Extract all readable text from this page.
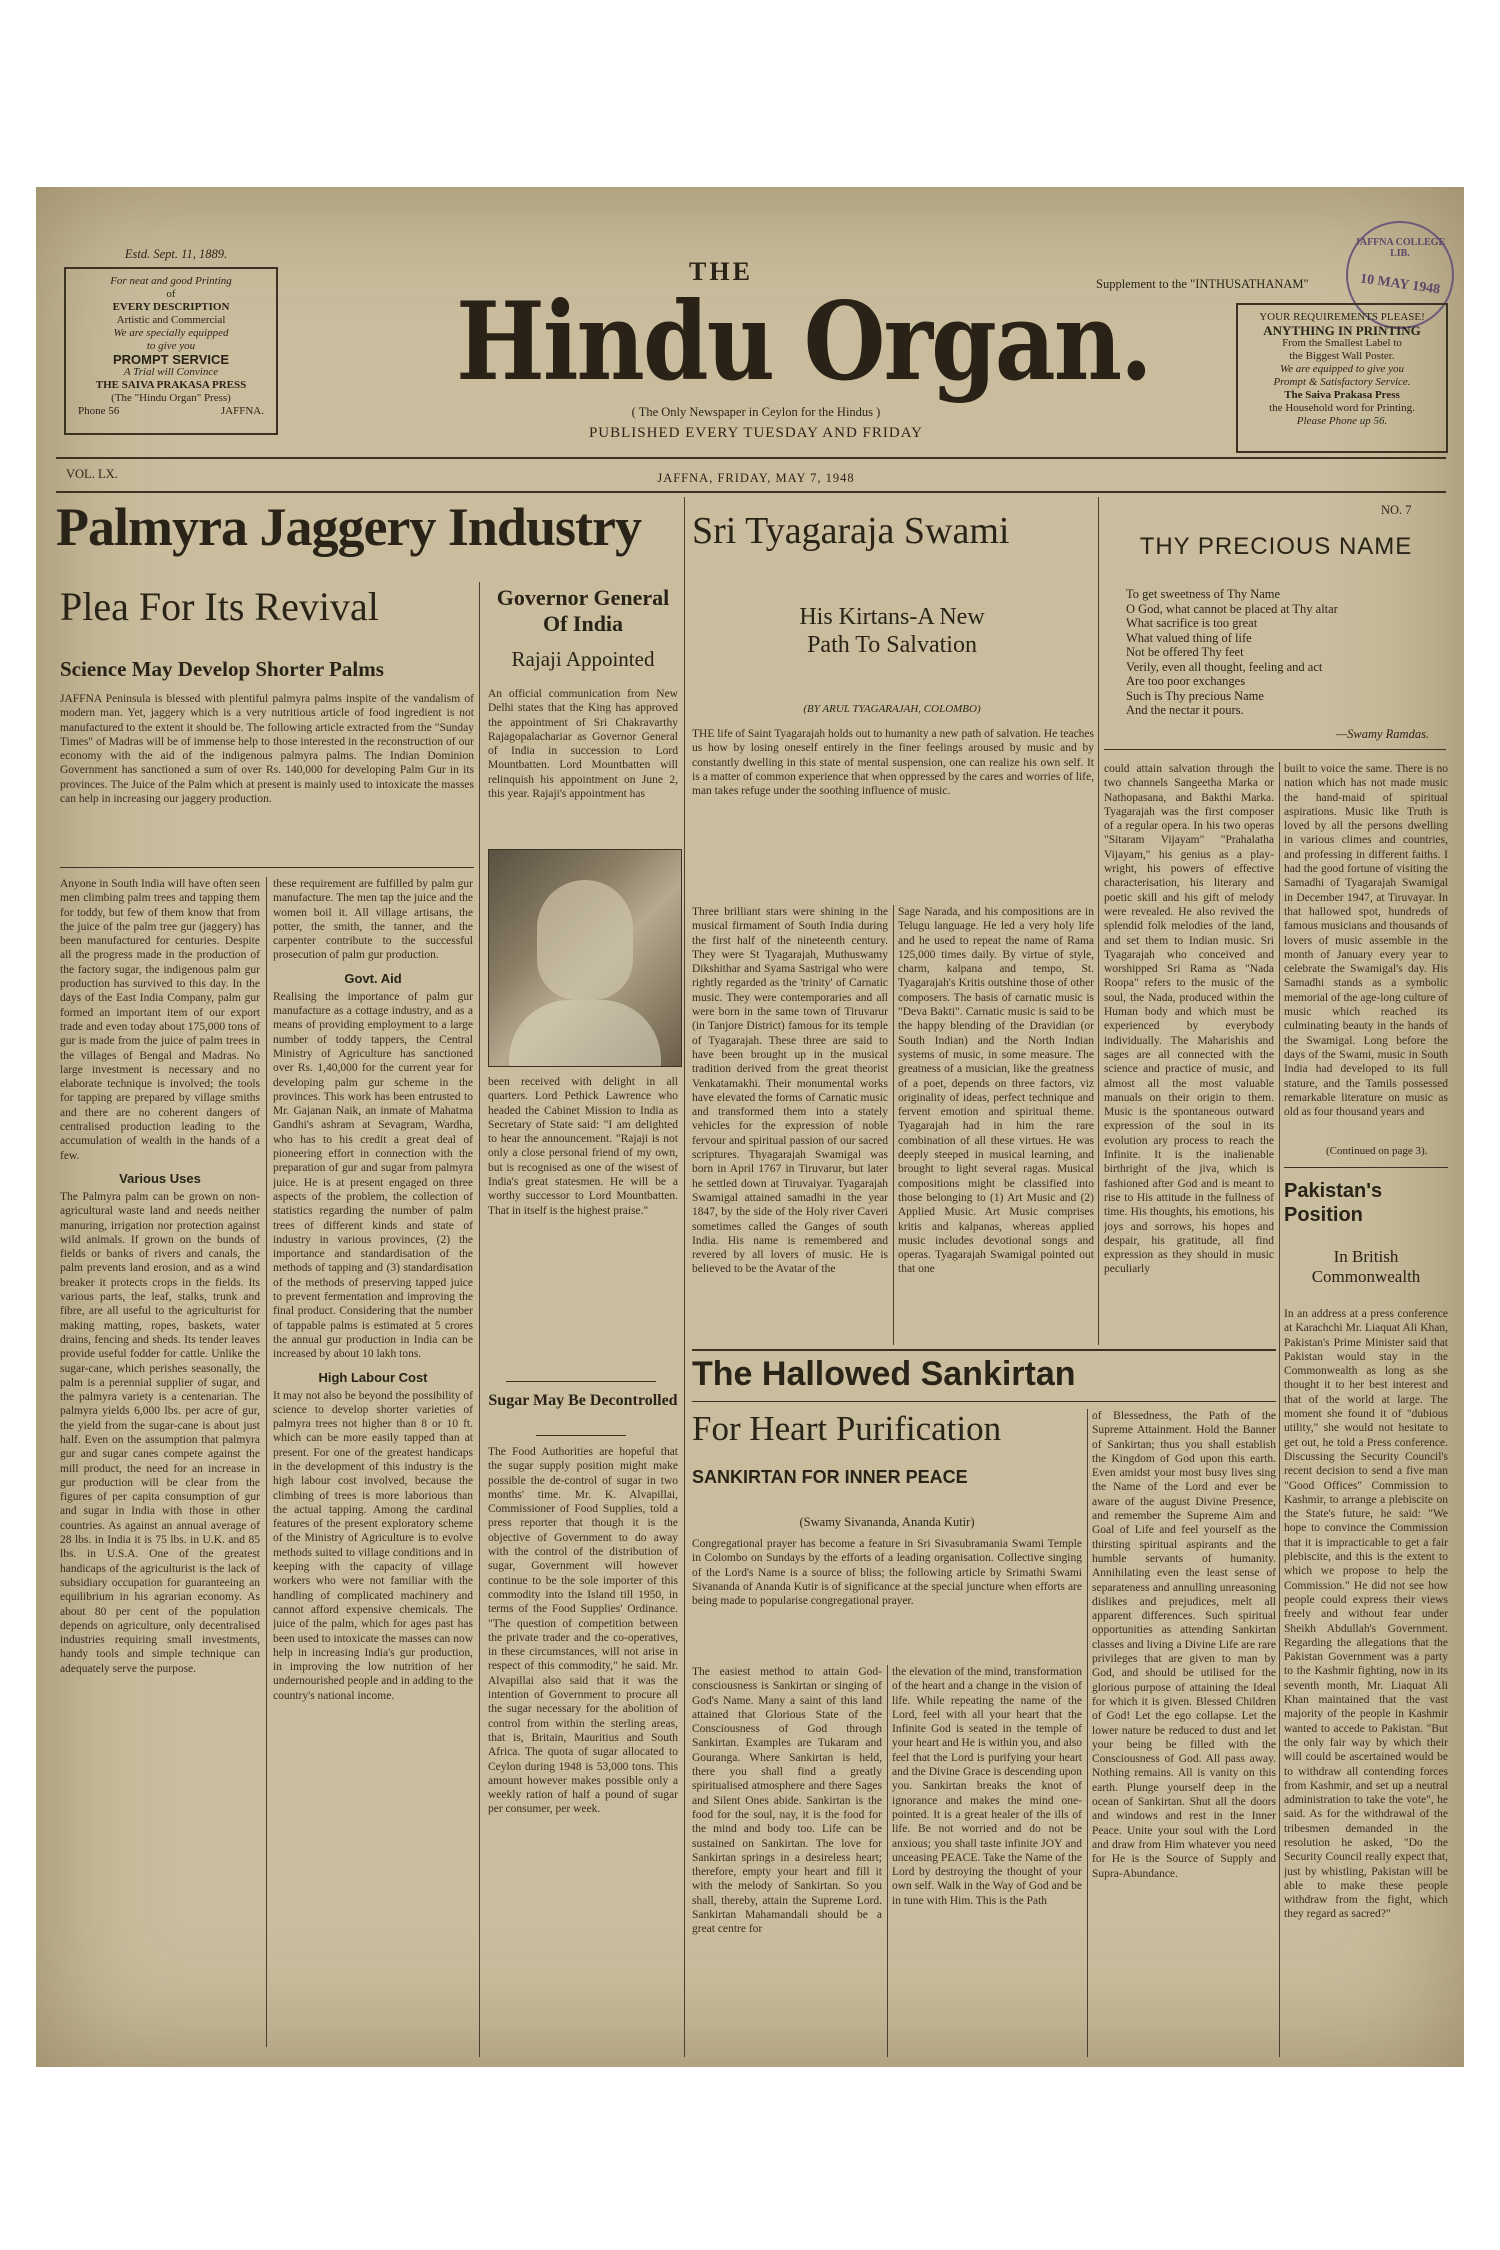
Estd. Sept. 11, 1889.
For neat and good Printing
of
EVERY DESCRIPTION
Artistic and Commercial
We are specially equipped
to give you
PROMPT SERVICE
A Trial will Convince
THE SAIVA PRAKASA PRESS
(The "Hindu Organ" Press)
Phone 56	JAFFNA.
THE
Hindu Organ.
( The Only Newspaper in Ceylon for the Hindus )
PUBLISHED EVERY TUESDAY AND FRIDAY
Supplement to the "INTHUSATHANAM"
JAFFNA COLLEGE LIB.
10 MAY 1948
YOUR REQUIREMENTS PLEASE!
ANYTHING IN PRINTING
From the Smallest Label to
the Biggest Wall Poster.
We are equipped to give you
Prompt & Satisfactory Service.
The Saiva Prakasa Press
the Household word for Printing.
Please Phone up 56.
VOL. LX.	JAFFNA, FRIDAY, MAY 7, 1948
NO. 7
Palmyra Jaggery Industry
Plea For Its Revival
Science May Develop Shorter Palms

JAFFNA Peninsula is blessed with plentiful palmyra palms inspite of the vandalism of modern man. Yet, jaggery which is a very nutritious article of food ingredient is not manufactured to the extent it should be. The following article extracted from the "Sunday Times" of Madras will be of immense help to those interested in the reconstruction of our economy with the aid of the indigenous palmyra palms. The Indian Dominion Government has sanctioned a sum of over Rs. 140,000 for developing Palm Gur in its provinces. The Juice of the Palm which at present is mainly used to intoxicate the masses can help in increasing our jaggery production.

Anyone in South India will have often seen men climbing palm trees and tapping them for toddy, but few of them know that from the juice of the palm tree gur (jaggery) has been manufactured for centuries. Despite all the progress made in the production of the factory sugar, the indigenous palm gur production has survived to this day. In the days of the East India Company, palm gur formed an important item of our export trade and even today about 175,000 tons of gur is made from the juice of palm trees in the villages of Bengal and Madras. No large investment is necessary and no elaborate technique is involved; the tools for tapping are prepared by village smiths and there are no coherent dangers of centralised production leading to the accumulation of wealth in the hands of a few.

Various Uses

The Palmyra palm can be grown on non-agricultural waste land and needs neither manuring, irrigation nor protection against wild animals. If grown on the bunds of fields or banks of rivers and canals, the palm prevents land erosion, and as a wind breaker it protects crops in the fields. Its various parts, the leaf, stalks, trunk and fibre, are all useful to the agriculturist for making matting, ropes, baskets, water drains, fencing and sheds. Its tender leaves provide useful fodder for cattle. Unlike the sugar-cane, which perishes seasonally, the palm is a perennial supplier of sugar, and the palmyra variety is a centenarian. The palmyra yields 6,000 lbs. per acre of gur, the yield from the sugar-cane is about just half. Even on the assumption that palmyra gur and sugar canes compete against the mill product, the need for an increase in gur production will be clear from the figures of per capita consumption of gur and sugar in India with those in other countries. As against an annual average of 28 lbs. in India it is 75 lbs. in U.K. and 85 lbs. in U.S.A. One of the greatest handicaps of the agriculturist is the lack of subsidiary occupation for guaranteeing an equilibrium in his agrarian economy. As about 80 per cent of the population depends on agriculture, only decentralised industries requiring small investments, handy tools and simple technique can adequately serve the purpose.

these requirement are fulfilled by palm gur manufacture. The men tap the juice and the women boil it. All village artisans, the potter, the smith, the tanner, and the carpenter contribute to the successful prosecution of palm gur production.

Govt. Aid

Realising the importance of palm gur manufacture as a cottage industry, and as a means of providing employment to a large number of toddy tappers, the Central Ministry of Agriculture has sanctioned over Rs. 1,40,000 for the current year for developing palm gur scheme in the provinces. This work has been entrusted to Mr. Gajanan Naik, an inmate of Mahatma Gandhi's ashram at Sevagram, Wardha, who has to his credit a great deal of pioneering effort in connection with the preparation of gur and sugar from palmyra juice. He is at present engaged on three aspects of the problem, the collection of statistics regarding the number of palm trees of different kinds and state of industry in various provinces, (2) the importance and standardisation of the methods of tapping and (3) standardisation of the methods of preserving tapped juice to prevent fermentation and improving the final product. Considering that the number of tappable palms is estimated at 5 crores the annual gur production in India can be increased by about 10 lakh tons.

High Labour Cost

It may not also be beyond the possibility of science to develop shorter varieties of palmyra trees not higher than 8 or 10 ft. which can be more easily tapped than at present. For one of the greatest handicaps in the development of this industry is the high labour cost involved, because the climbing of trees is more laborious than the actual tapping. Among the cardinal features of the present exploratory scheme of the Ministry of Agriculture is to evolve methods suited to village conditions and in keeping with the capacity of village workers who were not familiar with the handling of complicated machinery and cannot afford expensive chemicals. The juice of the palm, which for ages past has been used to intoxicate the masses can now help in increasing India's gur production, in improving the low nutrition of her undernourished people and in adding to the country's national income.

Governor General Of India
Rajaji Appointed

An official communication from New Delhi states that the King has approved the appointment of Sri Chakravarthy Rajagopalachariar as Governor General of India in succession to Lord Mountbatten. Lord Mountbatten will relinquish his appointment on June 2, this year. Rajaji's appointment has

been received with delight in all quarters. Lord Pethick Lawrence who headed the Cabinet Mission to India as Secretary of State said: "I am delighted to hear the announcement. "Rajaji is not only a close personal friend of my own, but is recognised as one of the wisest of India's great statesmen. He will be a worthy successor to Lord Mountbatten. That in itself is the highest praise."

Sugar May Be Decontrolled

The Food Authorities are hopeful that the sugar supply position might make possible the de-control of sugar in two months' time. Mr. K. Alvapillai, Commissioner of Food Supplies, told a press reporter that though it is the objective of Government to do away with the control of the distribution of sugar, Government will however continue to be the sole importer of this commodity into the Island till 1950, in terms of the Food Supplies' Ordinance. "The question of competition between the private trader and the co-operatives, in these circumstances, will not arise in respect of this commodity," he said. Mr. Alvapillai also said that it was the intention of Government to procure all the sugar necessary for the abolition of control from within the sterling areas, that is, Britain, Mauritius and South Africa. The quota of sugar allocated to Ceylon during 1948 is 53,000 tons. This amount however makes possible only a weekly ration of half a pound of sugar per consumer, per week.

Sri Tyagaraja Swami
His Kirtans-A New Path To Salvation
(BY ARUL TYAGARAJAH, COLOMBO)

THE life of Saint Tyagarajah holds out to humanity a new path of salvation. He teaches us how by losing oneself entirely in the finer feelings aroused by music and by constantly dwelling in this state of mental suspension, one can realize his own self. It is a matter of common experience that when oppressed by the cares and worries of life, man takes refuge under the soothing influence of music.

Three brilliant stars were shining in the musical firmament of South India during the first half of the nineteenth century. They were St Tyagarajah, Muthuswamy Dikshithar and Syama Sastrigal who were rightly regarded as the 'trinity' of Carnatic music. They were contemporaries and all were born in the same town of Tiruvarur (in Tanjore District) famous for its temple of Tyagarajah. These three are said to have been brought up in the musical tradition derived from the great theorist Venkatamakhi. Their monumental works have elevated the forms of Carnatic music and transformed them into a stately vehicles for the expression of noble fervour and spiritual passion of our sacred scriptures. Thyagarajah Swamigal was born in April 1767 in Tiruvarur, but later he settled down at Tiruvaiyar. Tyagarajah Swamigal attained samadhi in the year 1847, by the side of the Holy river Caveri sometimes called the Ganges of south India. His name is remembered and revered by all lovers of music. He is believed to be the Avatar of the

Sage Narada, and his compositions are in Telugu language. He led a very holy life and he used to repeat the name of Rama 125,000 times daily. By virtue of style, charm, kalpana and tempo, St. Tyagarajah's Kritis outshine those of other composers. The basis of carnatic music is "Deva Bakti". Carnatic music is said to be the happy blending of the Dravidian (or South Indian) and the North Indian systems of music, in some measure. The greatness of a musician, like the greatness of a poet, depends on three factors, viz originality of ideas, perfect technique and fervent emotion and spiritual theme. Tyagarajah had in him the rare combination of all these virtues. He was deeply steeped in musical learning, and brought to light several ragas. Musical compositions might be classified into those belonging to (1) Art Music and (2) Applied Music. Art Music comprises kritis and kalpanas, whereas applied music includes devotional songs and operas. Tyagarajah Swamigal pointed out that one

could attain salvation through the two channels Sangeetha Marka or Nathopasana, and Bakthi Marka. Tyagarajah was the first composer of a regular opera. In his two operas "Sitaram Vijayam" "Prahalatha Vijayam," his genius as a play-wright, his powers of effective characterisation, his literary and poetic skill and his gift of melody were revealed. He also revived the splendid folk melodies of the land, and set them to Indian music. Sri Tyagarajah who conceived and worshipped Sri Rama as "Nada Roopa" refers to the music of the soul, the Nada, produced within the Human body and which must be experienced by everybody individually. The Maharishis and sages are all connected with the science and practice of music, and almost all the most valuable manuals on their origin to them. Music is the spontaneous outward expression of the soul in its evolution ary process to reach the Infinite. It is the inalienable birthright of the jiva, which is fashioned after God and is meant to rise to His attitude in the fullness of time. His thoughts, his emotions, his joys and sorrows, his hopes and despair, his gratitude, all find expression as they should in music peculiarly

built to voice the same. There is no nation which has not made music the hand-maid of spiritual aspirations. Music like Truth is loved by all the persons dwelling in various climes and countries, and professing in different faiths. I had the good fortune of visiting the Samadhi of Tyagarajah Swamigal in December 1947, at Tiruvayar. In that hallowed spot, hundreds of famous musicians and thousands of lovers of music assemble in the month of January every year to celebrate the Swamigal's day. His Samadhi stands as a symbolic memorial of the age-long culture of music which reached its culminating beauty in the hands of the Swamigal. Long before the days of the Swami, music in South India had developed to its full stature, and the Tamils possessed remarkable literature on music as old as four thousand years and

(Continued on page 3).
THY PRECIOUS NAME
To get sweetness of Thy Name
O God, what cannot be placed at Thy altar
What sacrifice is too great
What valued thing of life
Not be offered Thy feet
Verily, even all thought, feeling and act
Are too poor exchanges
Such is Thy precious Name
And the nectar it pours.
—Swamy Ramdas.
Pakistan's Position
In British Commonwealth

In an address at a press conference at Karachchi Mr. Liaquat Ali Khan, Pakistan's Prime Minister said that Pakistan would stay in the Commonwealth as long as she thought it to her best interest and that of the world at large. The moment she found it of "dubious utility," she would not hesitate to get out, he told a Press conference. Discussing the Security Council's recent decision to send a five man "Good Offices" Commission to Kashmir, to arrange a plebiscite on the State's future, he said: "We hope to convince the Commission that it is impracticable to get a fair plebiscite, and this is the extent to which we propose to help the Commission." He did not see how people could express their views freely and without fear under Sheikh Abdullah's Government. Regarding the allegations that the Pakistan Government was a party to the Kashmir fighting, now in its seventh month, Mr. Liaquat Ali Khan maintained that the vast majority of the people in Kashmir wanted to accede to Pakistan. "But the only fair way by which their will could be ascertained would be to withdraw all contending forces from Kashmir, and set up a neutral administration to take the vote", he said. As for the withdrawal of the tribesmen demanded in the resolution he asked, "Do the Security Council really expect that, just by whistling, Pakistan will be able to make these people withdraw from the fight, which they regard as sacred?"

The Hallowed Sankirtan
For Heart Purification
SANKIRTAN FOR INNER PEACE
(Swamy Sivananda, Ananda Kutir)

Congregational prayer has become a feature in Sri Sivasubramania Swami Temple in Colombo on Sundays by the efforts of a leading organisation. Collective singing of the Lord's Name is a source of bliss; the following article by Srimathi Swami Sivananda of Ananda Kutir is of significance at the special juncture when efforts are being made to popularise congregational prayer.

The easiest method to attain God-consciousness is Sankirtan or singing of God's Name. Many a saint of this land attained that Glorious State of the Consciousness of God through Sankirtan. Examples are Tukaram and Gouranga. Where Sankirtan is held, there you shall find a greatly spiritualised atmosphere and there Sages and Silent Ones abide. Sankirtan is the food for the soul, nay, it is the food for the mind and body too. Life can be sustained on Sankirtan. The love for Sankirtan springs in a desireless heart; therefore, empty your heart and fill it with the melody of Sankirtan. So you shall, thereby, attain the Supreme Lord. Sankirtan Mahamandali should be a great centre for

the elevation of the mind, transformation of the heart and a change in the vision of life. While repeating the name of the Lord, feel with all your heart that the Infinite God is seated in the temple of your heart and He is within you, and also feel that the Lord is purifying your heart and the Divine Grace is descending upon you. Sankirtan breaks the knot of ignorance and makes the mind one-pointed. It is a great healer of the ills of life. Be not worried and do not be anxious; you shall taste infinite JOY and unceasing PEACE. Take the Name of the Lord by destroying the thought of your own self. Walk in the Way of God and be in tune with Him. This is the Path

of Blessedness, the Path of the Supreme Attainment. Hold the Banner of Sankirtan; thus you shall establish the Kingdom of God upon this earth. Even amidst your most busy lives sing the Name of the Lord and ever be aware of the august Divine Presence, and remember the Supreme Aim and Goal of Life and feel yourself as the thirsting spiritual aspirants and the humble servants of humanity. Annihilating even the least sense of separateness and annulling unreasoning dislikes and prejudices, melt all apparent differences. Such spiritual opportunities as attending Sankirtan classes and living a Divine Life are rare privileges that are given to man by God, and should be utilised for the glorious purpose of attaining the Ideal for which it is given. Blessed Children of God! Let the ego collapse. Let the lower nature be reduced to dust and let your being be filled with the Consciousness of God. All pass away. Nothing remains. All is vanity on this earth. Plunge yourself deep in the ocean of Sankirtan. Shut all the doors and windows and rest in the Inner Peace. Unite your soul with the Lord and draw from Him whatever you need for He is the Source of Supply and Supra-Abundance.
